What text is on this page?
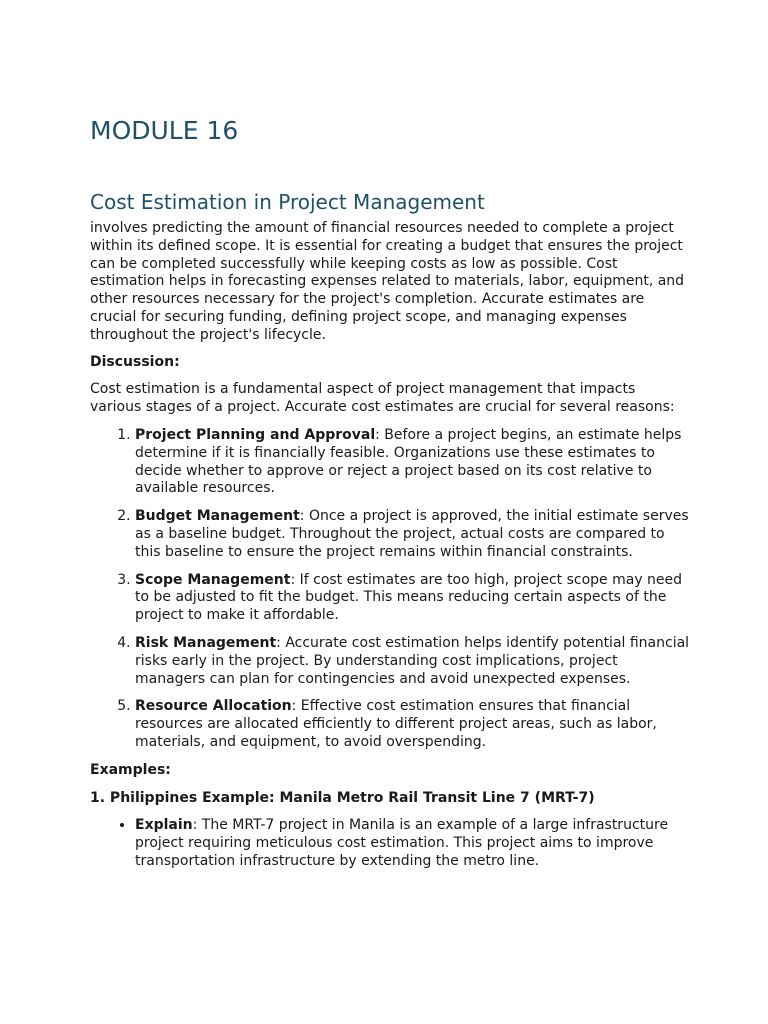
MODULE 16
Cost Estimation in Project Management

involves predicting the amount of financial resources needed to complete a project within its defined scope. It is essential for creating a budget that ensures the project can be completed successfully while keeping costs as low as possible. Cost estimation helps in forecasting expenses related to materials, labor, equipment, and other resources necessary for the project's completion. Accurate estimates are crucial for securing funding, defining project scope, and managing expenses throughout the project's lifecycle.

Discussion:

Cost estimation is a fundamental aspect of project management that impacts various stages of a project. Accurate cost estimates are crucial for several reasons:

1. Project Planning and Approval: Before a project begins, an estimate helps determine if it is financially feasible. Organizations use these estimates to decide whether to approve or reject a project based on its cost relative to available resources.
2. Budget Management: Once a project is approved, the initial estimate serves as a baseline budget. Throughout the project, actual costs are compared to this baseline to ensure the project remains within financial constraints.
3. Scope Management: If cost estimates are too high, project scope may need to be adjusted to fit the budget. This means reducing certain aspects of the project to make it affordable.
4. Risk Management: Accurate cost estimation helps identify potential financial risks early in the project. By understanding cost implications, project managers can plan for contingencies and avoid unexpected expenses.
5. Resource Allocation: Effective cost estimation ensures that financial resources are allocated efficiently to different project areas, such as labor, materials, and equipment, to avoid overspending.

Examples:

1. Philippines Example: Manila Metro Rail Transit Line 7 (MRT-7)

• Explain: The MRT-7 project in Manila is an example of a large infrastructure project requiring meticulous cost estimation. This project aims to improve transportation infrastructure by extending the metro line.
